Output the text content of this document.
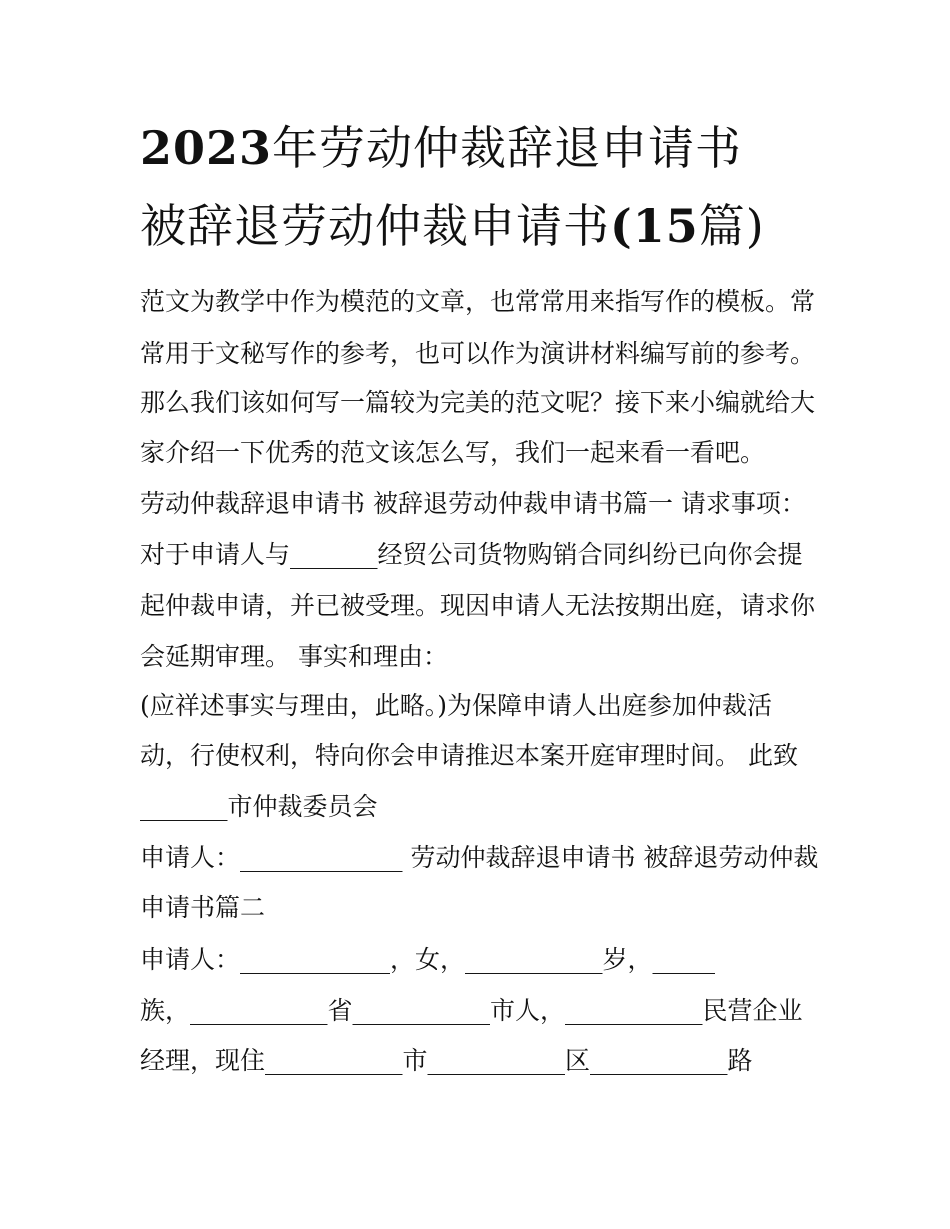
2023年劳动仲裁辞退申请书
被辞退劳动仲裁申请书(15篇)

范文为教学中作为模范的文章，也常常用来指写作的模板。常

常用于文秘写作的参考，也可以作为演讲材料编写前的参考。

那么我们该如何写一篇较为完美的范文呢？接下来小编就给大

家介绍一下优秀的范文该怎么写，我们一起来看一看吧。

劳动仲裁辞退申请书 被辞退劳动仲裁申请书篇一 请求事项：

对于申请人与_______经贸公司货物购销合同纠纷已向你会提

起仲裁申请，并已被受理。现因申请人无法按期出庭，请求你

会延期审理。 事实和理由：

(应祥述事实与理由，此略。)为保障申请人出庭参加仲裁活

动，行使权利，特向你会申请推迟本案开庭审理时间。 此致

_______市仲裁委员会

申请人：_____________ 劳动仲裁辞退申请书 被辞退劳动仲裁

申请书篇二

申请人：____________，女，___________岁，_____

族，___________省___________市人，___________民营企业

经理，现住___________市___________区___________路
